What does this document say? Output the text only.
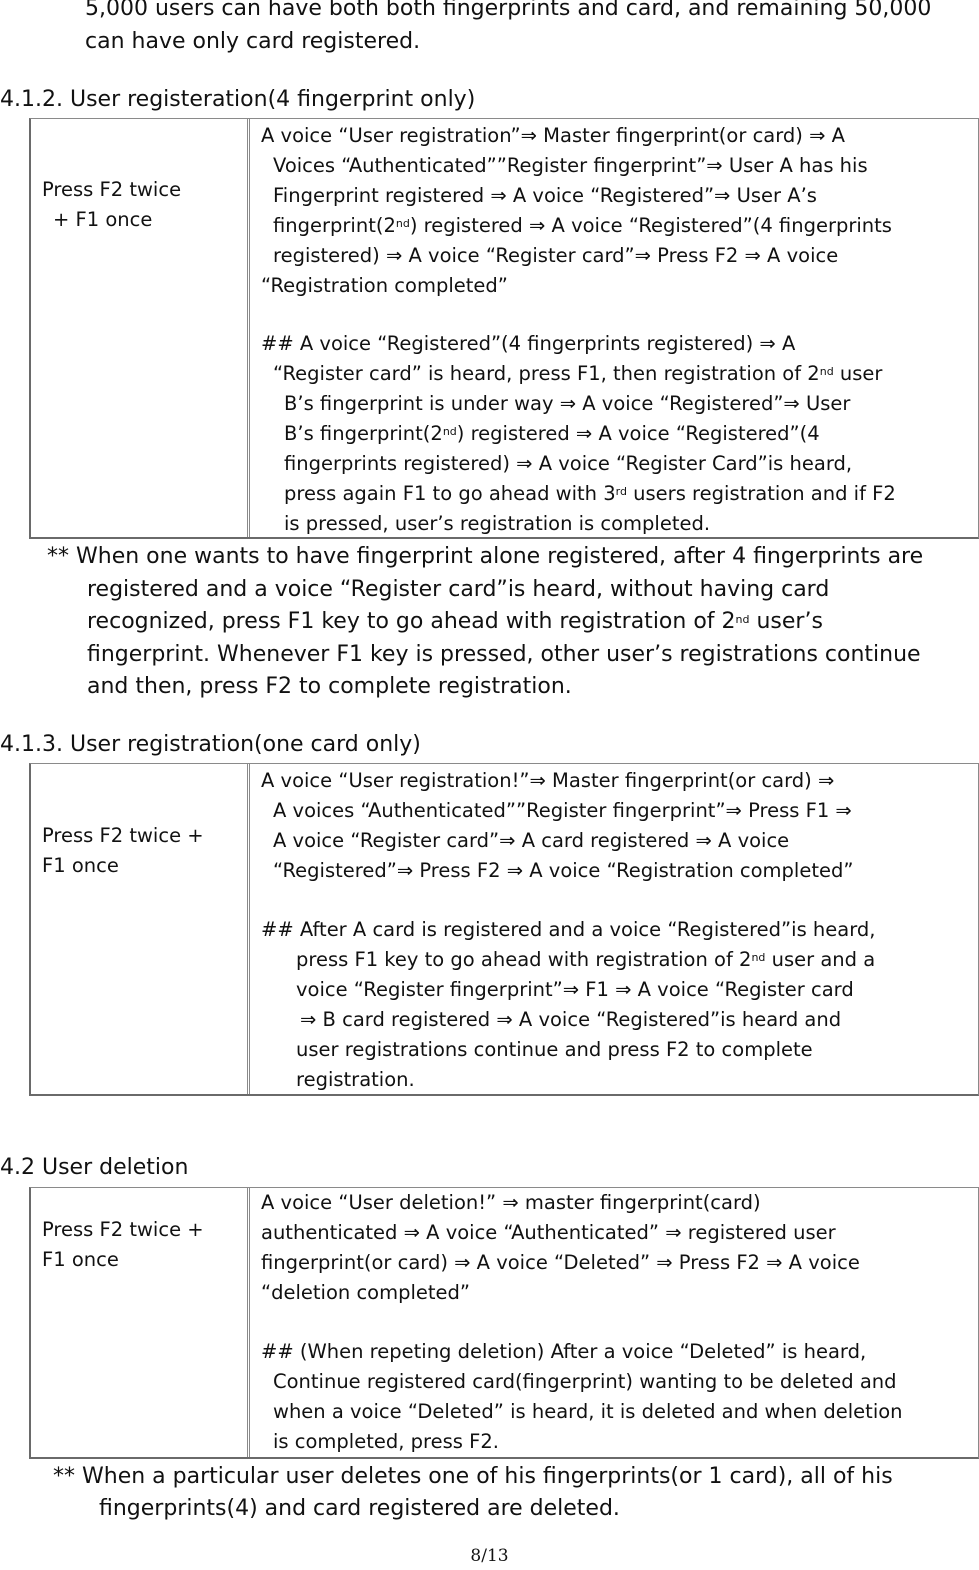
5,000 users can have both both fingerprints and card, and remaining 50,000
can have only card registered.
4.1.2. User registeration(4 fingerprint only)
Press F2 twice
+ F1 once
A voice “User registration”⇒ Master fingerprint(or card) ⇒ A
Voices “Authenticated””Register fingerprint”⇒ User A has his
Fingerprint registered ⇒ A voice “Registered”⇒ User A’s
fingerprint(2nd) registered ⇒ A voice “Registered”(4 fingerprints
registered) ⇒ A voice “Register card”⇒ Press F2 ⇒ A voice
“Registration completed”
## A voice “Registered”(4 fingerprints registered) ⇒ A
“Register card” is heard, press F1, then registration of 2nd user
B’s fingerprint is under way ⇒ A voice “Registered”⇒ User
B’s fingerprint(2nd) registered ⇒ A voice “Registered”(4
fingerprints registered) ⇒ A voice “Register Card”is heard,
press again F1 to go ahead with 3rd users registration and if F2
is pressed, user’s registration is completed.
** When one wants to have fingerprint alone registered, after 4 fingerprints are
registered and a voice “Register card”is heard, without having card
recognized, press F1 key to go ahead with registration of 2nd user’s
fingerprint. Whenever F1 key is pressed, other user’s registrations continue
and then, press F2 to complete registration.
4.1.3. User registration(one card only)
Press F2 twice +
F1 once
A voice “User registration!”⇒ Master fingerprint(or card) ⇒
A voices “Authenticated””Register fingerprint”⇒ Press F1 ⇒
A voice “Register card”⇒ A card registered ⇒ A voice
“Registered”⇒ Press F2 ⇒ A voice “Registration completed”
## After A card is registered and a voice “Registered”is heard,
press F1 key to go ahead with registration of 2nd user and a
voice “Register fingerprint”⇒ F1 ⇒ A voice “Register card
⇒ B card registered ⇒ A voice “Registered”is heard and
user registrations continue and press F2 to complete
registration.
4.2 User deletion
Press F2 twice +
F1 once
A voice “User deletion!” ⇒ master fingerprint(card)
authenticated ⇒ A voice “Authenticated” ⇒ registered user
fingerprint(or card) ⇒ A voice “Deleted” ⇒ Press F2 ⇒ A voice
“deletion completed”
## (When repeting deletion) After a voice “Deleted” is heard,
Continue registered card(fingerprint) wanting to be deleted and
when a voice “Deleted” is heard, it is deleted and when deletion
is completed, press F2.
** When a particular user deletes one of his fingerprints(or 1 card), all of his
fingerprints(4) and card registered are deleted.
8/13
